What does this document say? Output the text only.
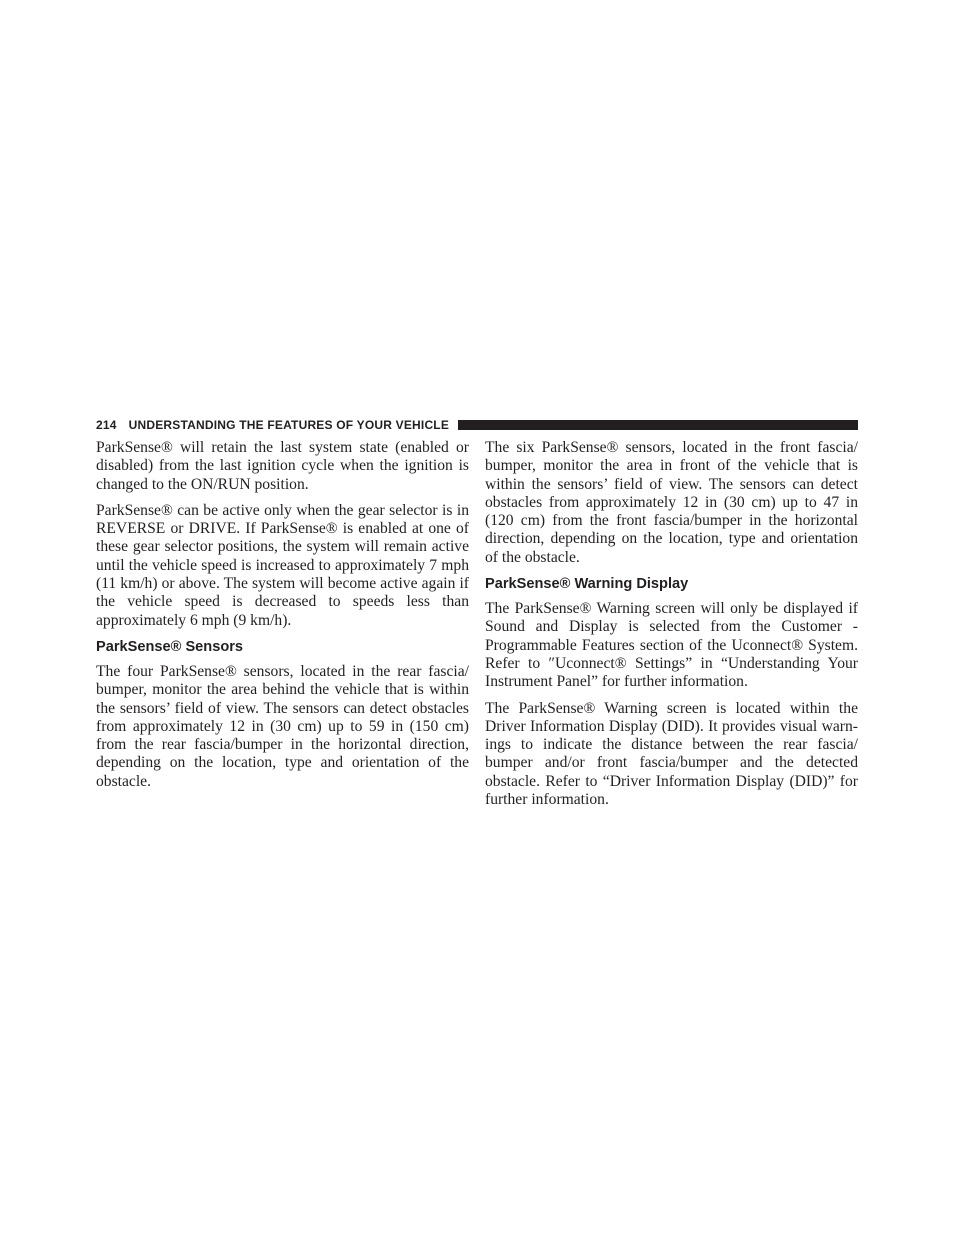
214 UNDERSTANDING THE FEATURES OF YOUR VEHICLE

ParkSense® will retain the last system state (enabled or disabled) from the last ignition cycle when the ignition is changed to the ON/RUN position.

ParkSense® can be active only when the gear selector is in REVERSE or DRIVE. If ParkSense® is enabled at one of these gear selector positions, the system will remain active until the vehicle speed is increased to approximately 7 mph (11 km/h) or above. The system will become active again if the vehicle speed is decreased to speeds less than approximately 6 mph (9 km/h).

ParkSense® Sensors

The four ParkSense® sensors, located in the rear fascia/ bumper, monitor the area behind the vehicle that is within the sensors’ field of view. The sensors can detect obstacles from approximately 12 in (30 cm) up to 59 in (150 cm) from the rear fascia/bumper in the horizontal direction, depending on the location, type and orientation of the obstacle.

The six ParkSense® sensors, located in the front fascia/ bumper, monitor the area in front of the vehicle that is within the sensors’ field of view. The sensors can detect obstacles from approximately 12 in (30 cm) up to 47 in (120 cm) from the front fascia/bumper in the horizontal direction, depending on the location, type and orientation of the obstacle.

ParkSense® Warning Display

The ParkSense® Warning screen will only be displayed if Sound and Display is selected from the Customer - Programmable Features section of the Uconnect® System. Refer to ″Uconnect® Settings” in “Understanding Your Instrument Panel” for further information.

The ParkSense® Warning screen is located within the Driver Information Display (DID). It provides visual warnings to indicate the distance between the rear fascia/ bumper and/or front fascia/bumper and the detected obstacle. Refer to “Driver Information Display (DID)” for further information.
